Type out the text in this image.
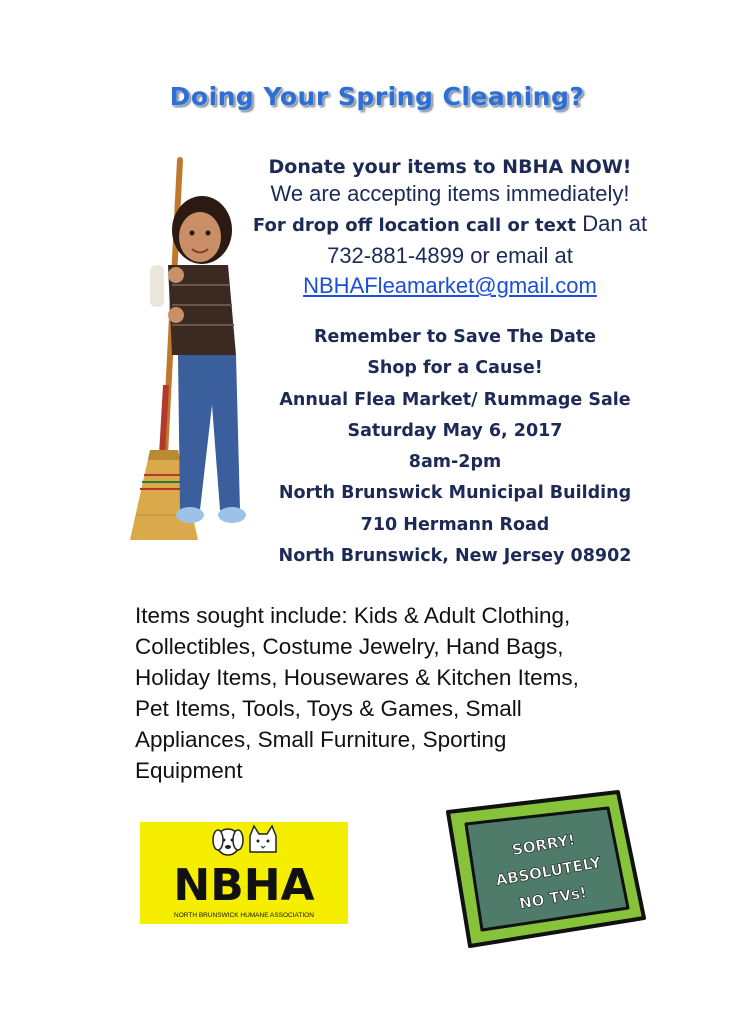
Doing Your Spring Cleaning?
Donate your items to NBHA NOW!
We are accepting items immediately!
For drop off location call or text Dan at
732-881-4899 or email at
NBHAFleamarket@gmail.com
Remember to Save The Date
Shop for a Cause!
Annual Flea Market/ Rummage Sale
Saturday May 6, 2017
8am-2pm
North Brunswick Municipal Building
710 Hermann Road
North Brunswick, New Jersey 08902
Items sought include: Kids & Adult Clothing,
Collectibles, Costume Jewelry, Hand Bags,
Holiday Items, Housewares & Kitchen Items,
Pet Items, Tools, Toys & Games, Small
Appliances, Small Furniture, Sporting
Equipment
NBHA
NORTH BRUNSWICK HUMANE ASSOCIATION
SORRY!
ABSOLUTELY
NO TVs!
